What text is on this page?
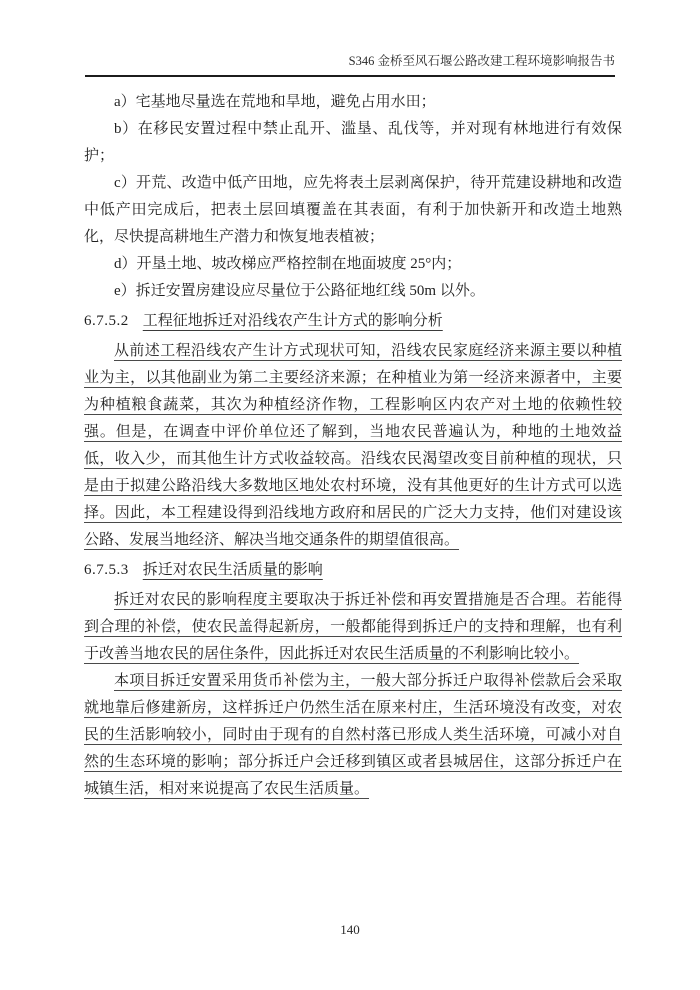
S346 金桥至风石堰公路改建工程环境影响报告书

a）宅基地尽量选在荒地和旱地，避免占用水田；

b）在移民安置过程中禁止乱开、滥垦、乱伐等，并对现有林地进行有效保护；

c）开荒、改造中低产田地，应先将表土层剥离保护，待开荒建设耕地和改造中低产田完成后，把表土层回填覆盖在其表面，有利于加快新开和改造土地熟化，尽快提高耕地生产潜力和恢复地表植被；

d）开垦土地、坡改梯应严格控制在地面坡度 25°内；

e）拆迁安置房建设应尽量位于公路征地红线 50m 以外。

6.7.5.2 工程征地拆迁对沿线农产生计方式的影响分析

从前述工程沿线农产生计方式现状可知，沿线农民家庭经济来源主要以种植业为主，以其他副业为第二主要经济来源；在种植业为第一经济来源者中，主要为种植粮食蔬菜，其次为种植经济作物，工程影响区内农产对土地的依赖性较强。但是，在调查中评价单位还了解到，当地农民普遍认为，种地的土地效益低，收入少，而其他生计方式收益较高。沿线农民渴望改变目前种植的现状，只是由于拟建公路沿线大多数地区地处农村环境，没有其他更好的生计方式可以选择。因此，本工程建设得到沿线地方政府和居民的广泛大力支持，他们对建设该公路、发展当地经济、解决当地交通条件的期望值很高。

6.7.5.3 拆迁对农民生活质量的影响

拆迁对农民的影响程度主要取决于拆迁补偿和再安置措施是否合理。若能得到合理的补偿，使农民盖得起新房，一般都能得到拆迁户的支持和理解，也有利于改善当地农民的居住条件，因此拆迁对农民生活质量的不利影响比较小。

本项目拆迁安置采用货币补偿为主，一般大部分拆迁户取得补偿款后会采取就地靠后修建新房，这样拆迁户仍然生活在原来村庄，生活环境没有改变，对农民的生活影响较小，同时由于现有的自然村落已形成人类生活环境，可减小对自然的生态环境的影响；部分拆迁户会迁移到镇区或者县城居住，这部分拆迁户在城镇生活，相对来说提高了农民生活质量。

140
